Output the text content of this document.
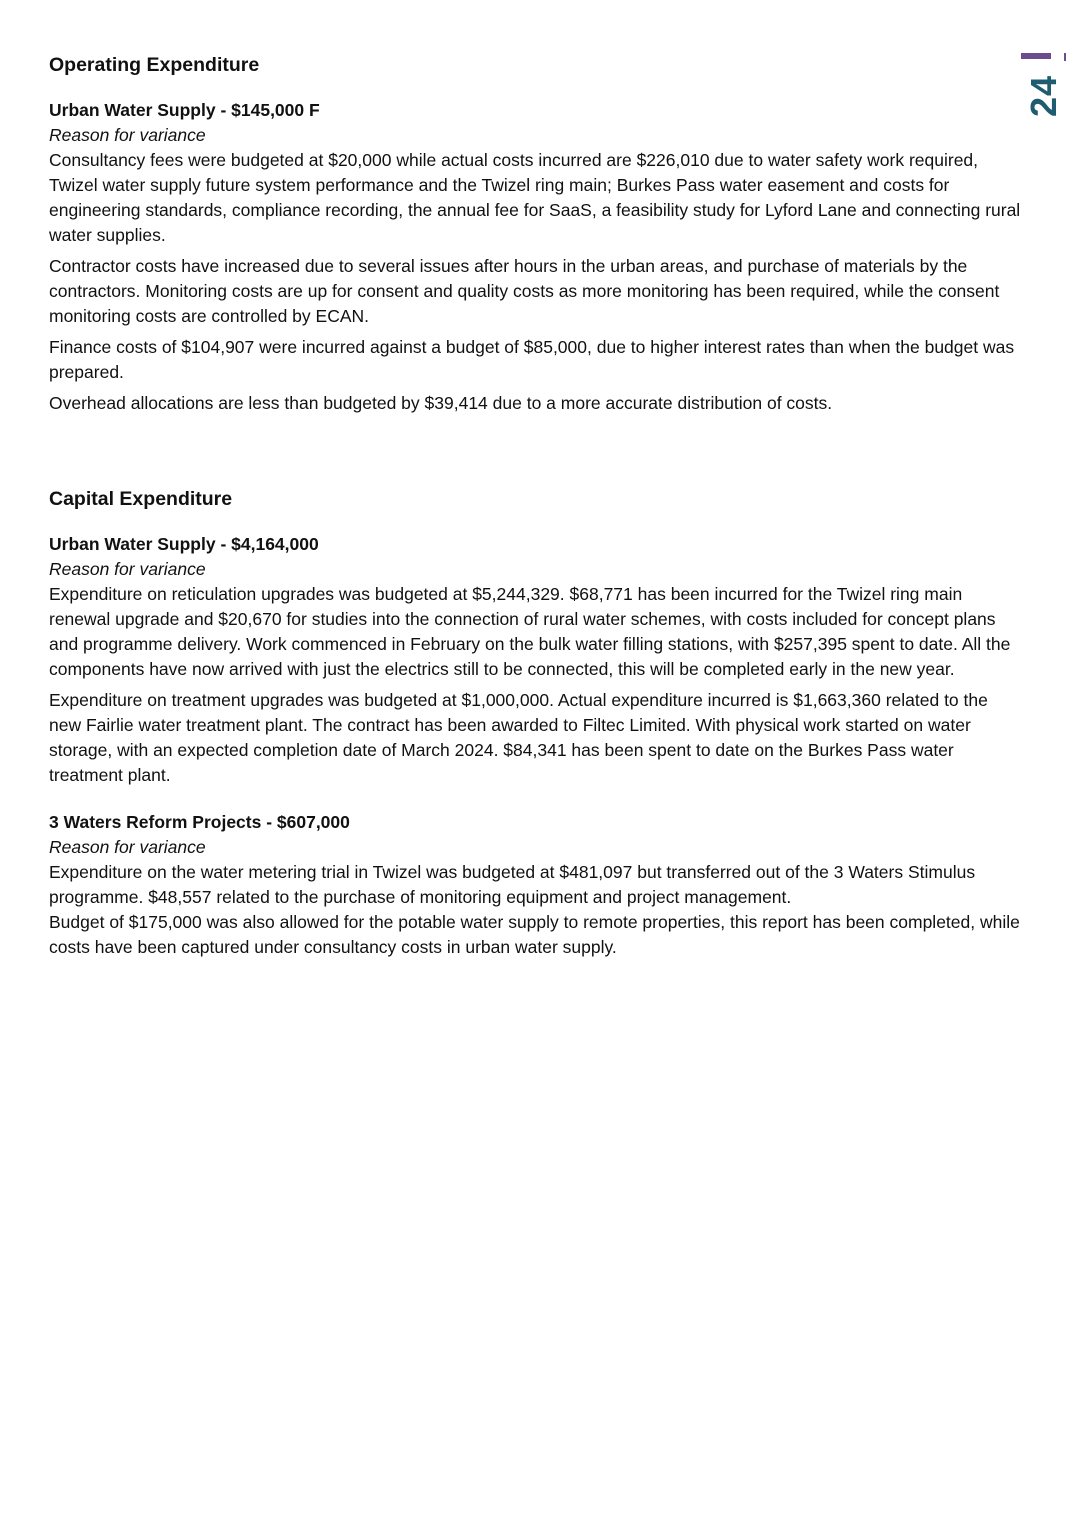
24
Operating Expenditure

Urban Water Supply - $145,000 F

Reason for variance

Consultancy fees were budgeted at $20,000 while actual costs incurred are $226,010 due to water safety work required, Twizel water supply future system performance and the Twizel ring main; Burkes Pass water easement and costs for engineering standards, compliance recording, the annual fee for SaaS, a feasibility study for Lyford Lane and connecting rural water supplies.

Contractor costs have increased due to several issues after hours in the urban areas, and purchase of materials by the contractors. Monitoring costs are up for consent and quality costs as more monitoring has been required, while the consent monitoring costs are controlled by ECAN.

Finance costs of $104,907 were incurred against a budget of $85,000, due to higher interest rates than when the budget was prepared.

Overhead allocations are less than budgeted by $39,414 due to a more accurate distribution of costs.

Capital Expenditure

Urban Water Supply - $4,164,000

Reason for variance

Expenditure on reticulation upgrades was budgeted at $5,244,329. $68,771 has been incurred for the Twizel ring main renewal upgrade and $20,670 for studies into the connection of rural water schemes, with costs included for concept plans and programme delivery. Work commenced in February on the bulk water filling stations, with $257,395 spent to date. All the components have now arrived with just the electrics still to be connected, this will be completed early in the new year.

Expenditure on treatment upgrades was budgeted at $1,000,000. Actual expenditure incurred is $1,663,360 related to the new Fairlie water treatment plant. The contract has been awarded to Filtec Limited. With physical work started on water storage, with an expected completion date of March 2024. $84,341 has been spent to date on the Burkes Pass water treatment plant.

3 Waters Reform Projects - $607,000

Reason for variance

Expenditure on the water metering trial in Twizel was budgeted at $481,097 but transferred out of the 3 Waters Stimulus programme. $48,557 related to the purchase of monitoring equipment and project management.

Budget of $175,000 was also allowed for the potable water supply to remote properties, this report has been completed, while costs have been captured under consultancy costs in urban water supply.
